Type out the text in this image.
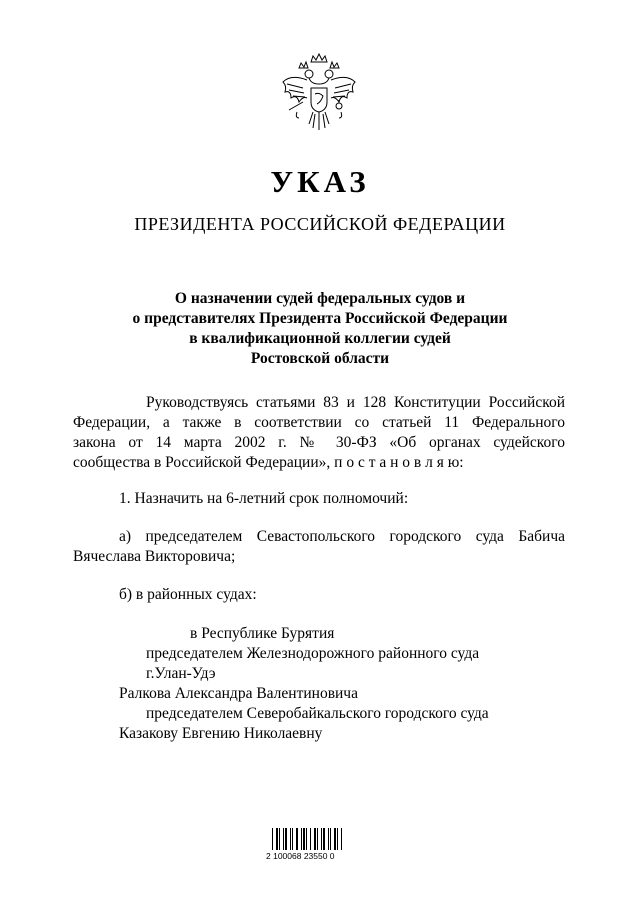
УКАЗ
ПРЕЗИДЕНТА РОССИЙСКОЙ ФЕДЕРАЦИИ
О назначении судей федеральных судов и
о представителях Президента Российской Федерации
в квалификационной коллегии судей
Ростовской области
Руководствуясь статьями 83 и 128 Конституции Российской
Федерации, а также в соответствии со статьей 11 Федерального
закона от 14 марта 2002 г. № 30-ФЗ «Об органах судейского
сообщества в Российской Федерации», п о с т а н о в л я ю:
1. Назначить на 6-летний срок полномочий:
а) председателем Севастопольского городского суда Бабича
Вячеслава Викторовича;
б) в районных судах:
в Республике Бурятия
председателем Железнодорожного районного суда
г.Улан-Удэ
Ралкова Александра Валентиновича
председателем Северобайкальского городского суда
Казакову Евгению Николаевну
2 100068 23550 0
